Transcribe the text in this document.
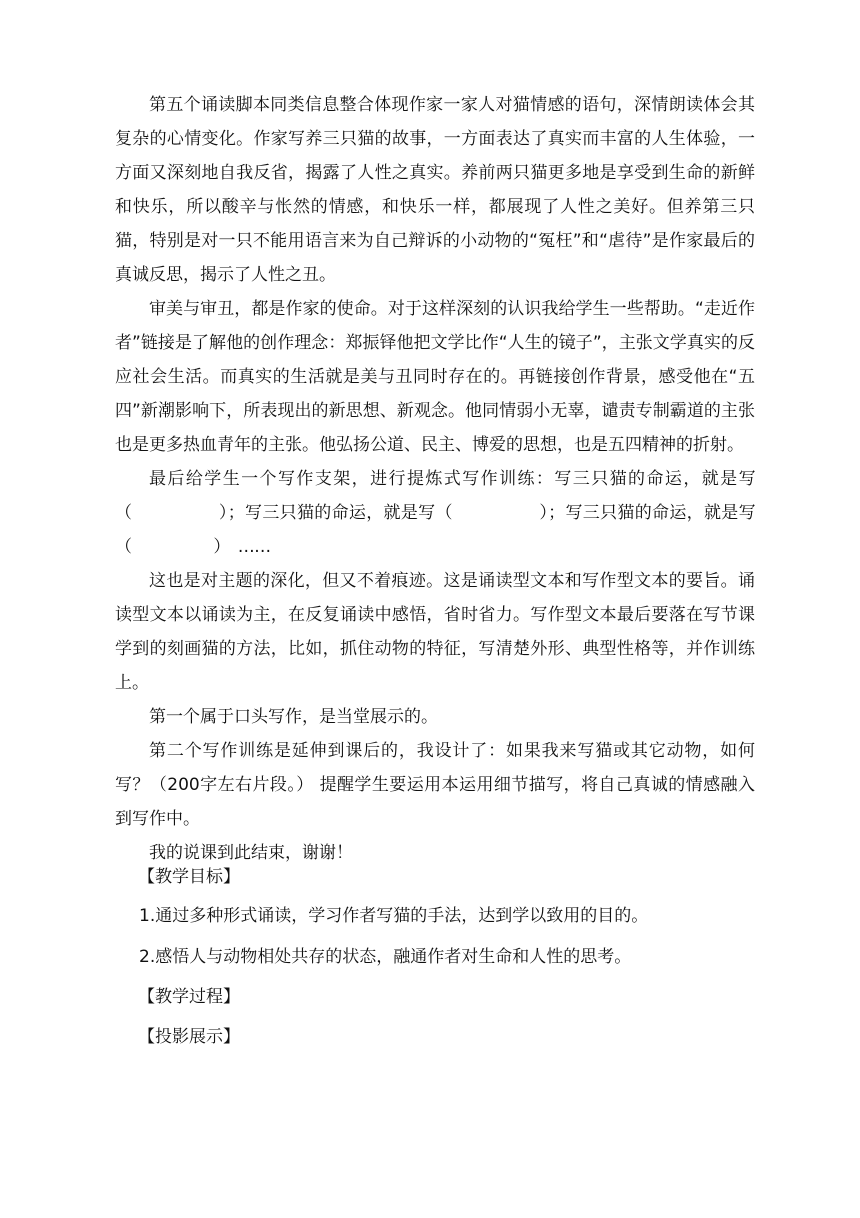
第五个诵读脚本同类信息整合体现作家一家人对猫情感的语句，深情朗读体会其复杂的心情变化。作家写养三只猫的故事，一方面表达了真实而丰富的人生体验，一方面又深刻地自我反省，揭露了人性之真实。养前两只猫更多地是享受到生命的新鲜和快乐，所以酸辛与怅然的情感，和快乐一样，都展现了人性之美好。但养第三只猫，特别是对一只不能用语言来为自己辩诉的小动物的“冤枉”和“虐待”是作家最后的真诚反思，揭示了人性之丑。

审美与审丑，都是作家的使命。对于这样深刻的认识我给学生一些帮助。“走近作者”链接是了解他的创作理念：郑振铎他把文学比作“人生的镜子”，主张文学真实的反应社会生活。而真实的生活就是美与丑同时存在的。再链接创作背景，感受他在“五四”新潮影响下，所表现出的新思想、新观念。他同情弱小无辜，谴责专制霸道的主张也是更多热血青年的主张。他弘扬公道、民主、博爱的思想，也是五四精神的折射。

最后给学生一个写作支架，进行提炼式写作训练：写三只猫的命运，就是写（　　　　　）；写三只猫的命运，就是写（　　　　　）；写三只猫的命运，就是写（　　　　　）　……

这也是对主题的深化，但又不着痕迹。这是诵读型文本和写作型文本的要旨。诵读型文本以诵读为主，在反复诵读中感悟，省时省力。写作型文本最后要落在写节课学到的刻画猫的方法，比如，抓住动物的特征，写清楚外形、典型性格等，并作训练上。

第一个属于口头写作，是当堂展示的。

第二个写作训练是延伸到课后的，我设计了：如果我来写猫或其它动物，如何写？（200字左右片段。） 提醒学生要运用本运用细节描写，将自己真诚的情感融入到写作中。

我的说课到此结束，谢谢！

【教学目标】
1.通过多种形式诵读，学习作者写猫的手法，达到学以致用的目的。
2.感悟人与动物相处共存的状态，融通作者对生命和人性的思考。
【教学过程】
【投影展示】
